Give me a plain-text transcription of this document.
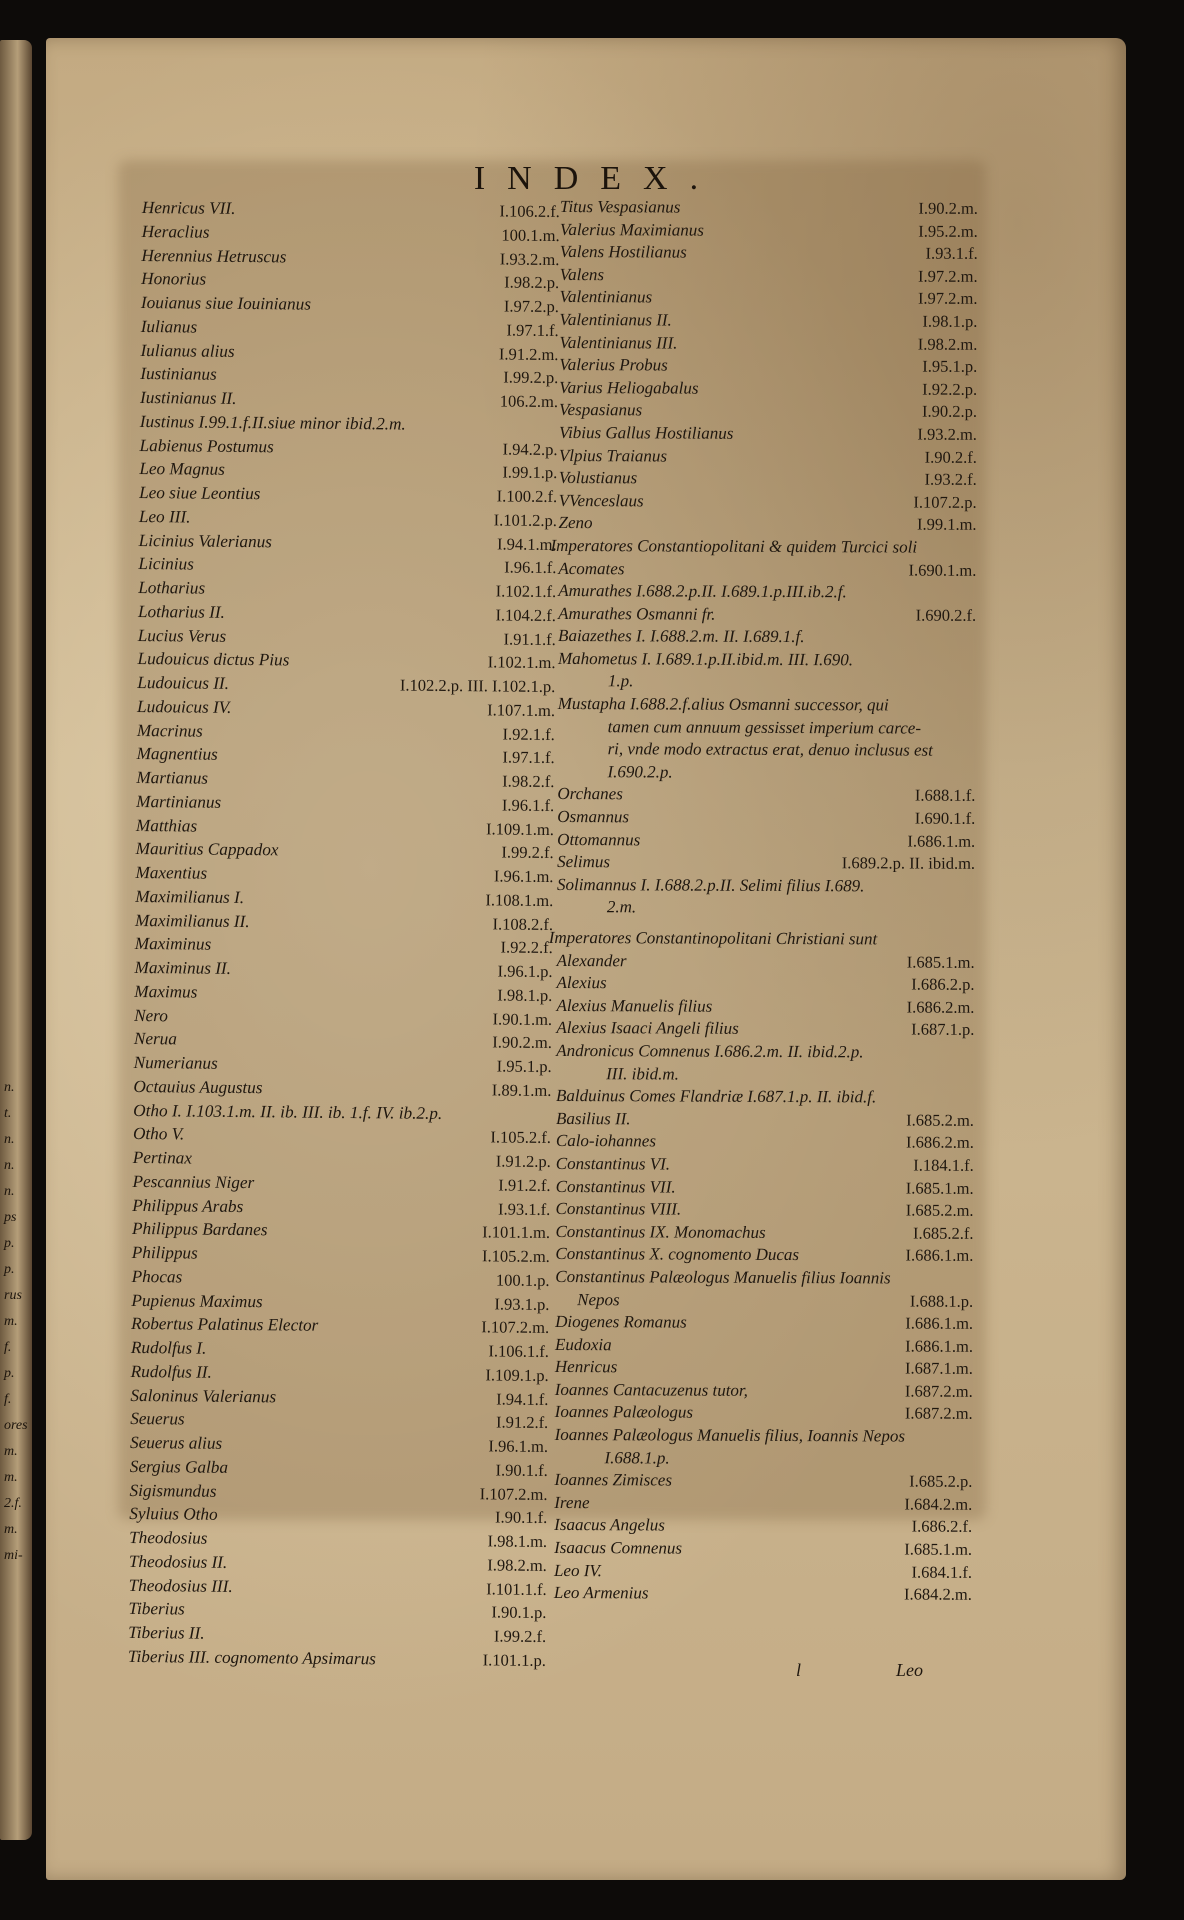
n.
t.
n.
n.
n.
ps
p.
p.
rus
m.
f.
p.
f.
ores
m.
m.
2.f.
m.
mi-
INDEX.
Henricus VII.	I.106.2.f.
Heraclius	100.1.m.
Herennius Hetruscus	I.93.2.m.
Honorius	I.98.2.p.
Iouianus siue Iouinianus	I.97.2.p.
Iulianus	I.97.1.f.
Iulianus alius	I.91.2.m.
Iustinianus	I.99.2.p.
Iustinianus II.	106.2.m.
Iustinus I.99.1.f.II.siue minor ibid.2.m.
Labienus Postumus	I.94.2.p.
Leo Magnus	I.99.1.p.
Leo siue Leontius	I.100.2.f.
Leo III.	I.101.2.p.
Licinius Valerianus	I.94.1.m.
Licinius	I.96.1.f.
Lotharius	I.102.1.f.
Lotharius II.	I.104.2.f.
Lucius Verus	I.91.1.f.
Ludouicus dictus Pius	I.102.1.m.
Ludouicus II.	I.102.2.p. III. I.102.1.p.
Ludouicus IV.	I.107.1.m.
Macrinus	I.92.1.f.
Magnentius	I.97.1.f.
Martianus	I.98.2.f.
Martinianus	I.96.1.f.
Matthias	I.109.1.m.
Mauritius Cappadox	I.99.2.f.
Maxentius	I.96.1.m.
Maximilianus I.	I.108.1.m.
Maximilianus II.	I.108.2.f.
Maximinus	I.92.2.f.
Maximinus II.	I.96.1.p.
Maximus	I.98.1.p.
Nero	I.90.1.m.
Nerua	I.90.2.m.
Numerianus	I.95.1.p.
Octauius Augustus	I.89.1.m.
Otho I. I.103.1.m. II. ib. III. ib. 1.f. IV. ib.2.p.
Otho V.	I.105.2.f.
Pertinax	I.91.2.p.
Pescannius Niger	I.91.2.f.
Philippus Arabs	I.93.1.f.
Philippus Bardanes	I.101.1.m.
Philippus	I.105.2.m.
Phocas	100.1.p.
Pupienus Maximus	I.93.1.p.
Robertus Palatinus Elector	I.107.2.m.
Rudolfus I.	I.106.1.f.
Rudolfus II.	I.109.1.p.
Saloninus Valerianus	I.94.1.f.
Seuerus	I.91.2.f.
Seuerus alius	I.96.1.m.
Sergius Galba	I.90.1.f.
Sigismundus	I.107.2.m.
Syluius Otho	I.90.1.f.
Theodosius	I.98.1.m.
Theodosius II.	I.98.2.m.
Theodosius III.	I.101.1.f.
Tiberius	I.90.1.p.
Tiberius II.	I.99.2.f.
Tiberius III. cognomento Apsimarus	I.101.1.p.
Titus Vespasianus	I.90.2.m.
Valerius Maximianus	I.95.2.m.
Valens Hostilianus	I.93.1.f.
Valens	I.97.2.m.
Valentinianus	I.97.2.m.
Valentinianus II.	I.98.1.p.
Valentinianus III.	I.98.2.m.
Valerius Probus	I.95.1.p.
Varius Heliogabalus	I.92.2.p.
Vespasianus	I.90.2.p.
Vibius Gallus Hostilianus	I.93.2.m.
Vlpius Traianus	I.90.2.f.
Volustianus	I.93.2.f.
VVenceslaus	I.107.2.p.
Zeno	I.99.1.m.
Imperatores Constantiopolitani & quidem Turcici soli
Acomates	I.690.1.m.
Amurathes I.688.2.p.II. I.689.1.p.III.ib.2.f.
Amurathes Osmanni fr.	I.690.2.f.
Baiazethes I. I.688.2.m. II. I.689.1.f.
Mahometus I. I.689.1.p.II.ibid.m. III. I.690.
1.p.
Mustapha I.688.2.f.alius Osmanni successor, qui
tamen cum annuum gessisset imperium carce-
ri, vnde modo extractus erat, denuo inclusus est
I.690.2.p.
Orchanes	I.688.1.f.
Osmannus	I.690.1.f.
Ottomannus	I.686.1.m.
Selimus	I.689.2.p. II. ibid.m.
Solimannus I. I.688.2.p.II. Selimi filius I.689.
2.m.
Imperatores Constantinopolitani Christiani sunt
Alexander	I.685.1.m.
Alexius	I.686.2.p.
Alexius Manuelis filius	I.686.2.m.
Alexius Isaaci Angeli filius	I.687.1.p.
Andronicus Comnenus I.686.2.m. II. ibid.2.p.
III. ibid.m.
Balduinus Comes Flandriæ I.687.1.p. II. ibid.f.
Basilius II.	I.685.2.m.
Calo-iohannes	I.686.2.m.
Constantinus VI.	I.184.1.f.
Constantinus VII.	I.685.1.m.
Constantinus VIII.	I.685.2.m.
Constantinus IX. Monomachus	I.685.2.f.
Constantinus X. cognomento Ducas	I.686.1.m.
Constantinus Palæologus Manuelis filius Ioannis
Nepos	I.688.1.p.
Diogenes Romanus	I.686.1.m.
Eudoxia	I.686.1.m.
Henricus	I.687.1.m.
Ioannes Cantacuzenus tutor,	I.687.2.m.
Ioannes Palæologus	I.687.2.m.
Ioannes Palæologus Manuelis filius, Ioannis Nepos
I.688.1.p.
Ioannes Zimisces	I.685.2.p.
Irene	I.684.2.m.
Isaacus Angelus	I.686.2.f.
Isaacus Comnenus	I.685.1.m.
Leo IV.	I.684.1.f.
Leo Armenius	I.684.2.m.
l	Leo
